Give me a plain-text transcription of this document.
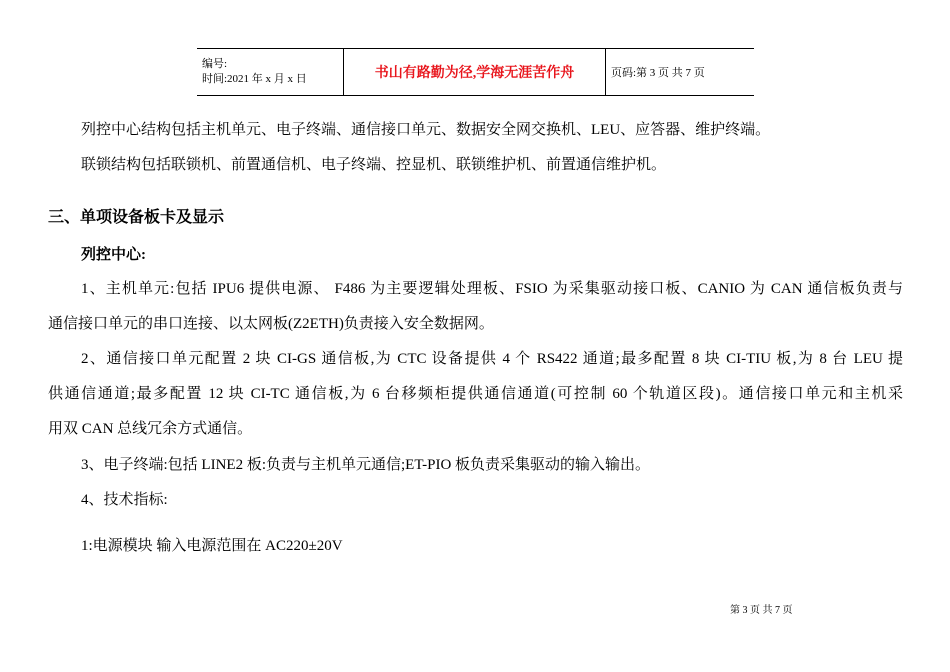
编号:
时间:2021 年 x 月 x 日	书山有路勤为径,学海无涯苦作舟	页码:第 3 页 共 7 页
列控中心结构包括主机单元、电子终端、通信接口单元、数据安全网交换机、LEU、应答器、维护终端。
联锁结构包括联锁机、前置通信机、电子终端、控显机、联锁维护机、前置通信维护机。
三、单项设备板卡及显示
列控中心:
1、主机单元:包括 IPU6 提供电源、 F486 为主要逻辑处理板、FSIO 为采集驱动接口板、CANIO 为 CAN 通信板负责与
通信接口单元的串口连接、以太网板(Z2ETH)负责接入安全数据网。
2、通信接口单元配置 2 块 CI-GS 通信板,为 CTC 设备提供 4 个 RS422 通道;最多配置 8 块 CI-TIU 板,为 8 台 LEU 提
供通信通道;最多配置 12 块 CI-TC 通信板,为 6 台移频柜提供通信通道(可控制 60 个轨道区段)。通信接口单元和主机采
用双 CAN 总线冗余方式通信。
3、电子终端:包括 LINE2 板:负责与主机单元通信;ET-PIO 板负责采集驱动的输入输出。
4、技术指标:
1:电源模块 输入电源范围在 AC220±20V
第 3 页 共 7 页
